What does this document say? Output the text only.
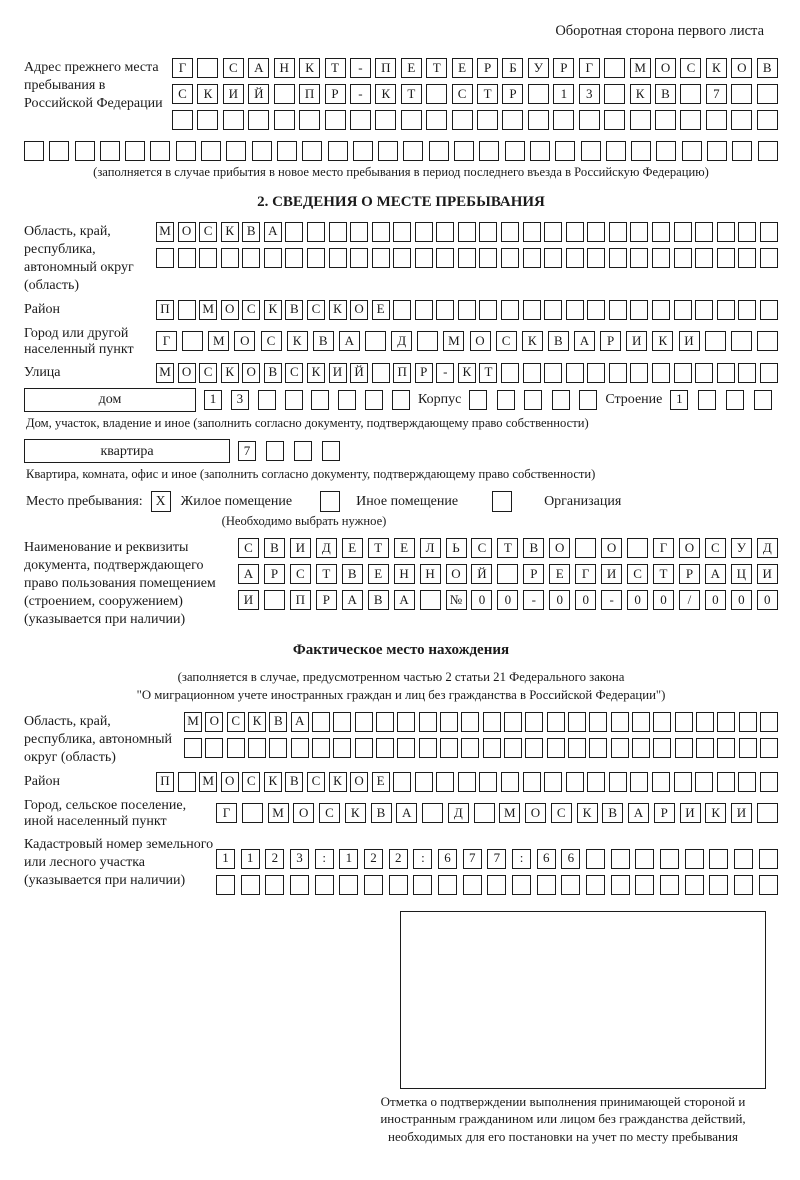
Оборотная сторона первого листа
Адрес прежнего места пребывания в Российской Федерации
Г	С	А	Н	К	Т	-	П	Е	Т	Е	Р	Б	У	Р	Г	М	О	С	К	О	В
С	К	И	Й	П	Р	-	К	Т	С	Т	Р	1	3	К	В	7
(заполняется в случае прибытия в новое место пребывания в период последнего въезда в Российскую Федерацию)
2. СВЕДЕНИЯ О МЕСТЕ ПРЕБЫВАНИЯ
Область, край, республика, автономный округ (область)
М О С К В А
Район	П	М О С К В С К О Е
Город или другой населенный пункт
Г	М	О	С	К	В	А	Д	М	О	С	К	В	А	Р	И	К	И
Улица	М О С К О В С К И Й	П	Р	-	К	Т
дом	1	3	Корпус	Строение	1
Дом, участок, владение и иное (заполнить согласно документу, подтверждающему право собственности)
квартира	7
Квартира, комната, офис и иное (заполнить согласно документу, подтверждающему право собственности)
Место пребывания: X	Жилое помещение	Иное помещение	Организация
(Необходимо выбрать нужное)
Наименование и реквизиты документа, подтверждающего право пользования помещением (строением, сооружением) (указывается при наличии)
С	В	И	Д	Е	Т	Е	Л	Ь	С	Т	В	О	О	Г	О	С	У	Д
А	Р	С	Т	В	Е	Н	Н	О	Й	Р	Е	Г	И	С	Т	Р	А	Ц	И
И	П	Р	А	В	А	№	0	0	-	0	0	-	0	0	/	0	0	0
Фактическое место нахождения
(заполняется в случае, предусмотренном частью 2 статьи 21 Федерального закона
"О миграционном учете иностранных граждан и лиц без гражданства в Российской Федерации")
Область, край, республика, автономный округ (область)
М О С К В А
Район	П	М О С К В С К О Е
Город, сельское поселение, иной населенный пункт
Г	М	О	С	К	В	А	Д	М	О	С	К	В	А	Р	И	К	И
Кадастровый номер земельного или лесного участка (указывается при наличии)
1	1	2	3	:	1	2	2	:	6	7	7	:	6	6
Отметка о подтверждении выполнения принимающей стороной и иностранным гражданином или лицом без гражданства действий, необходимых для его постановки на учет по месту пребывания
